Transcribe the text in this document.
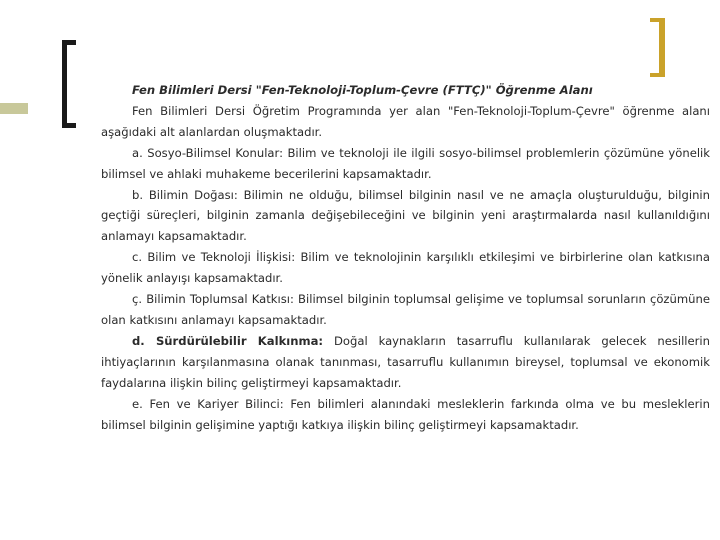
Fen Bilimleri Dersi "Fen-Teknoloji-Toplum-Çevre (FTTÇ)" Öğrenme Alanı

Fen Bilimleri Dersi Öğretim Programında yer alan "Fen-Teknoloji-Toplum-Çevre" öğrenme alanı aşağıdaki alt alanlardan oluşmaktadır.

a. Sosyo-Bilimsel Konular: Bilim ve teknoloji ile ilgili sosyo-bilimsel problemlerin çözümüne yönelik bilimsel ve ahlaki muhakeme becerilerini kapsamaktadır.

b. Bilimin Doğası: Bilimin ne olduğu, bilimsel bilginin nasıl ve ne amaçla oluşturulduğu, bilginin geçtiği süreçleri, bilginin zamanla değişebileceğini ve bilginin yeni araştırmalarda nasıl kullanıldığını anlamayı kapsamaktadır.

c. Bilim ve Teknoloji İlişkisi: Bilim ve teknolojinin karşılıklı etkileşimi ve birbirlerine olan katkısına yönelik anlayışı kapsamaktadır.

ç. Bilimin Toplumsal Katkısı: Bilimsel bilginin toplumsal gelişime ve toplumsal sorunların çözümüne olan katkısını anlamayı kapsamaktadır.

d. Sürdürülebilir Kalkınma: Doğal kaynakların tasarruflu kullanılarak gelecek nesillerin ihtiyaçlarının karşılanmasına olanak tanınması, tasarruflu kullanımın bireysel, toplumsal ve ekonomik faydalarına ilişkin bilinç geliştirmeyi kapsamaktadır.

e. Fen ve Kariyer Bilinci: Fen bilimleri alanındaki mesleklerin farkında olma ve bu mesleklerin bilimsel bilginin gelişimine yaptığı katkıya ilişkin bilinç geliştirmeyi kapsamaktadır.
